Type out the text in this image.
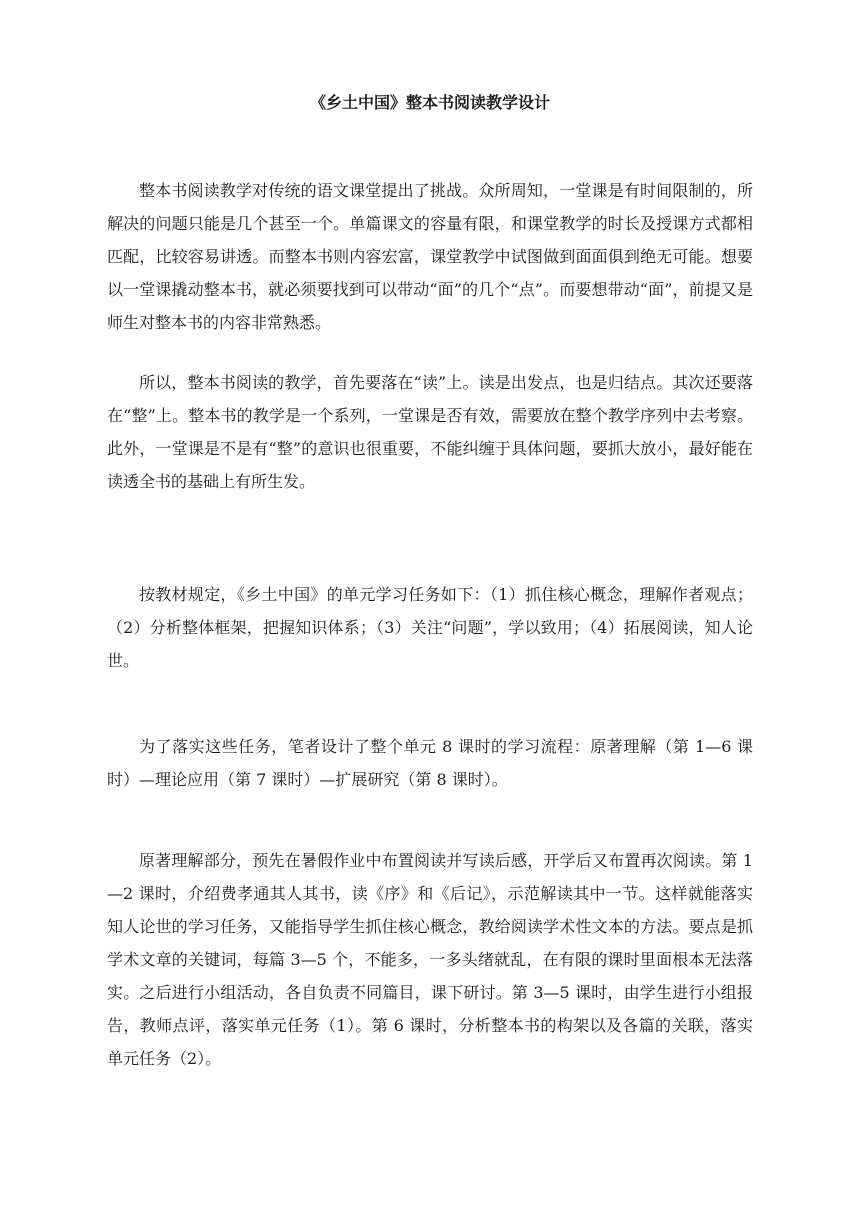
《乡土中国》整本书阅读教学设计

整本书阅读教学对传统的语文课堂提出了挑战。众所周知，一堂课是有时间限制的，所解决的问题只能是几个甚至一个。单篇课文的容量有限，和课堂教学的时长及授课方式都相匹配，比较容易讲透。而整本书则内容宏富，课堂教学中试图做到面面俱到绝无可能。想要以一堂课撬动整本书，就必须要找到可以带动“面”的几个“点”。而要想带动“面”，前提又是师生对整本书的内容非常熟悉。

所以，整本书阅读的教学，首先要落在“读”上。读是出发点，也是归结点。其次还要落在“整”上。整本书的教学是一个系列，一堂课是否有效，需要放在整个教学序列中去考察。此外，一堂课是不是有“整”的意识也很重要，不能纠缠于具体问题，要抓大放小，最好能在读透全书的基础上有所生发。

按教材规定，《乡土中国》的单元学习任务如下：（1）抓住核心概念，理解作者观点；（2）分析整体框架，把握知识体系；（3）关注“问题”，学以致用；（4）拓展阅读，知人论世。

为了落实这些任务，笔者设计了整个单元 8 课时的学习流程：原著理解（第 1—6 课时）—理论应用（第 7 课时）—扩展研究（第 8 课时）。

原著理解部分，预先在暑假作业中布置阅读并写读后感，开学后又布置再次阅读。第 1—2 课时，介绍费孝通其人其书，读《序》和《后记》，示范解读其中一节。这样就能落实知人论世的学习任务，又能指导学生抓住核心概念，教给阅读学术性文本的方法。要点是抓学术文章的关键词，每篇 3—5 个，不能多，一多头绪就乱，在有限的课时里面根本无法落实。之后进行小组活动，各自负责不同篇目，课下研讨。第 3—5 课时，由学生进行小组报告，教师点评，落实单元任务（1）。第 6 课时，分析整本书的构架以及各篇的关联，落实单元任务（2）。
